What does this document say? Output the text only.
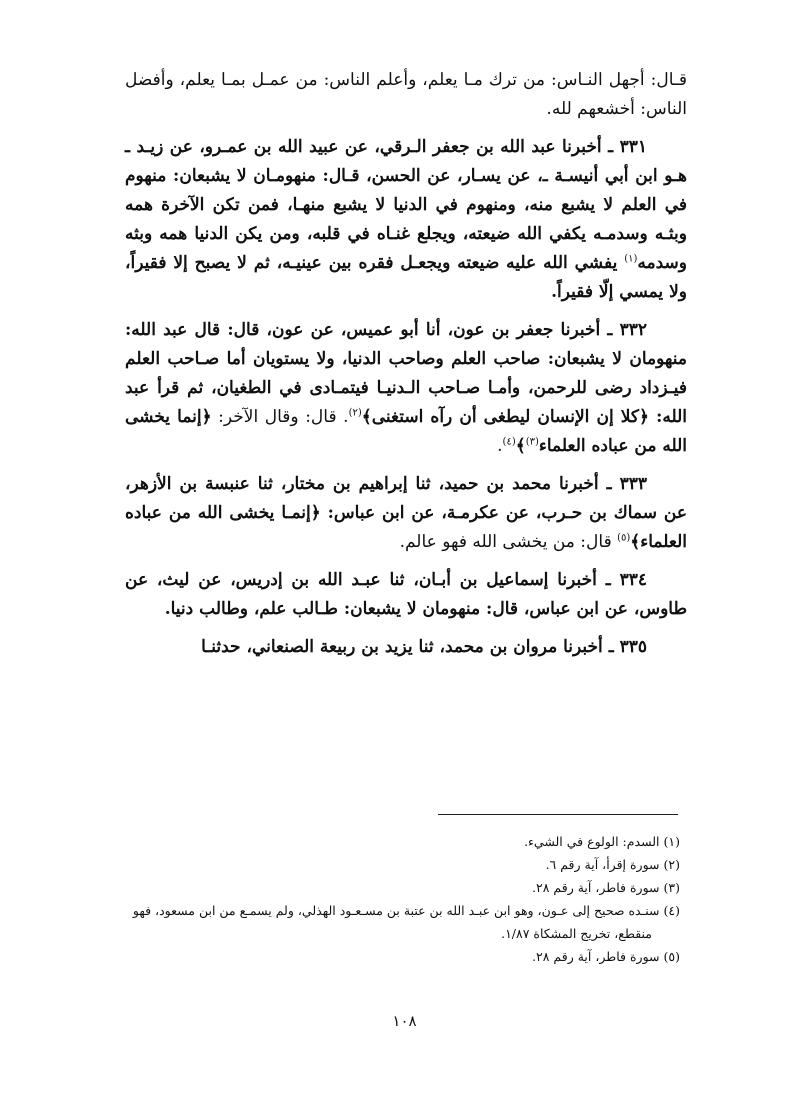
قـال: أجهل النـاس: من ترك مـا يعلم، وأعلم الناس: من عمـل بمـا يعلم، وأفضل الناس: أخشعهم لله.

٣٣١ ـ أخبرنا عبد الله بن جعفر الـرقي، عن عبيد الله بن عمـرو، عن زيـد ـ هـو ابن أبي أنيسـة ـ، عن يسـار، عن الحسن، قـال: منهومـان لا يشبعان: منهوم في العلم لا يشبع منه، ومنهوم في الدنيا لا يشبع منهـا، فمن تكن الآخرة همه وبثـه وسدمـه يكفي الله ضيعته، ويجلع غنـاه في قلبه، ومن يكن الدنيا همه وبثه وسدمه$^{(١)}$ يفشي الله عليه ضيعته ويجعـل فقره بين عينيـه، ثم لا يصبح إلا فقيراً، ولا يمسي إلّا فقيراً.

٣٣٢ ـ أخبرنا جعفر بن عون، أنا أبو عميس، عن عون، قال: قال عبد الله: منهومان لا يشبعان: صاحب العلم وصاحب الدنيا، ولا يستويان أما صـاحب العلم فيـزداد رضى للرحمن، وأمـا صـاحب الـدنيـا فيتمـادى في الطغيان، ثم قرأ عبد الله: ﴿كلا إن الإنسان ليطغى أن رآه استغنى﴾$^{(٢)}$. قال: وقال الآخر: ﴿إنما يخشى الله من عباده العلماء$^{(٣)}$﴾$^{(٤)}$.

٣٣٣ ـ أخبرنا محمد بن حميد، ثنا إبراهيم بن مختار، ثنا عنبسة بن الأزهر، عن سماك بن حـرب، عن عكرمـة، عن ابن عباس: ﴿إنمـا يخشى الله من عباده العلماء﴾$^{(٥)}$ قال: من يخشى الله فهو عالم.

٣٣٤ ـ أخبرنا إسماعيل بن أبـان، ثنا عبـد الله بن إدريس، عن ليث، عن طاوس، عن ابن عباس، قال: منهومان لا يشبعان: طـالب علم، وطالب دنيا.

٣٣٥ ـ أخبرنا مروان بن محمد، ثنا يزيد بن ربيعة الصنعاني، حدثنـا

(١) السدم: الولوع في الشيء.

(٢) سورة إقرأ، آية رقم ٦.

(٣) سورة فاطر، آية رقم ٢٨.

(٤) سنـده صحيح إلى عـون، وهو ابن عبـد الله بن عتبة بن مسـعـود الهذلي، ولم يسمـع من ابن مسعود، فهو منقطع، تخريج المشكاة ١/٨٧.

(٥) سورة فاطر، آية رقم ٢٨.

١٠٨
